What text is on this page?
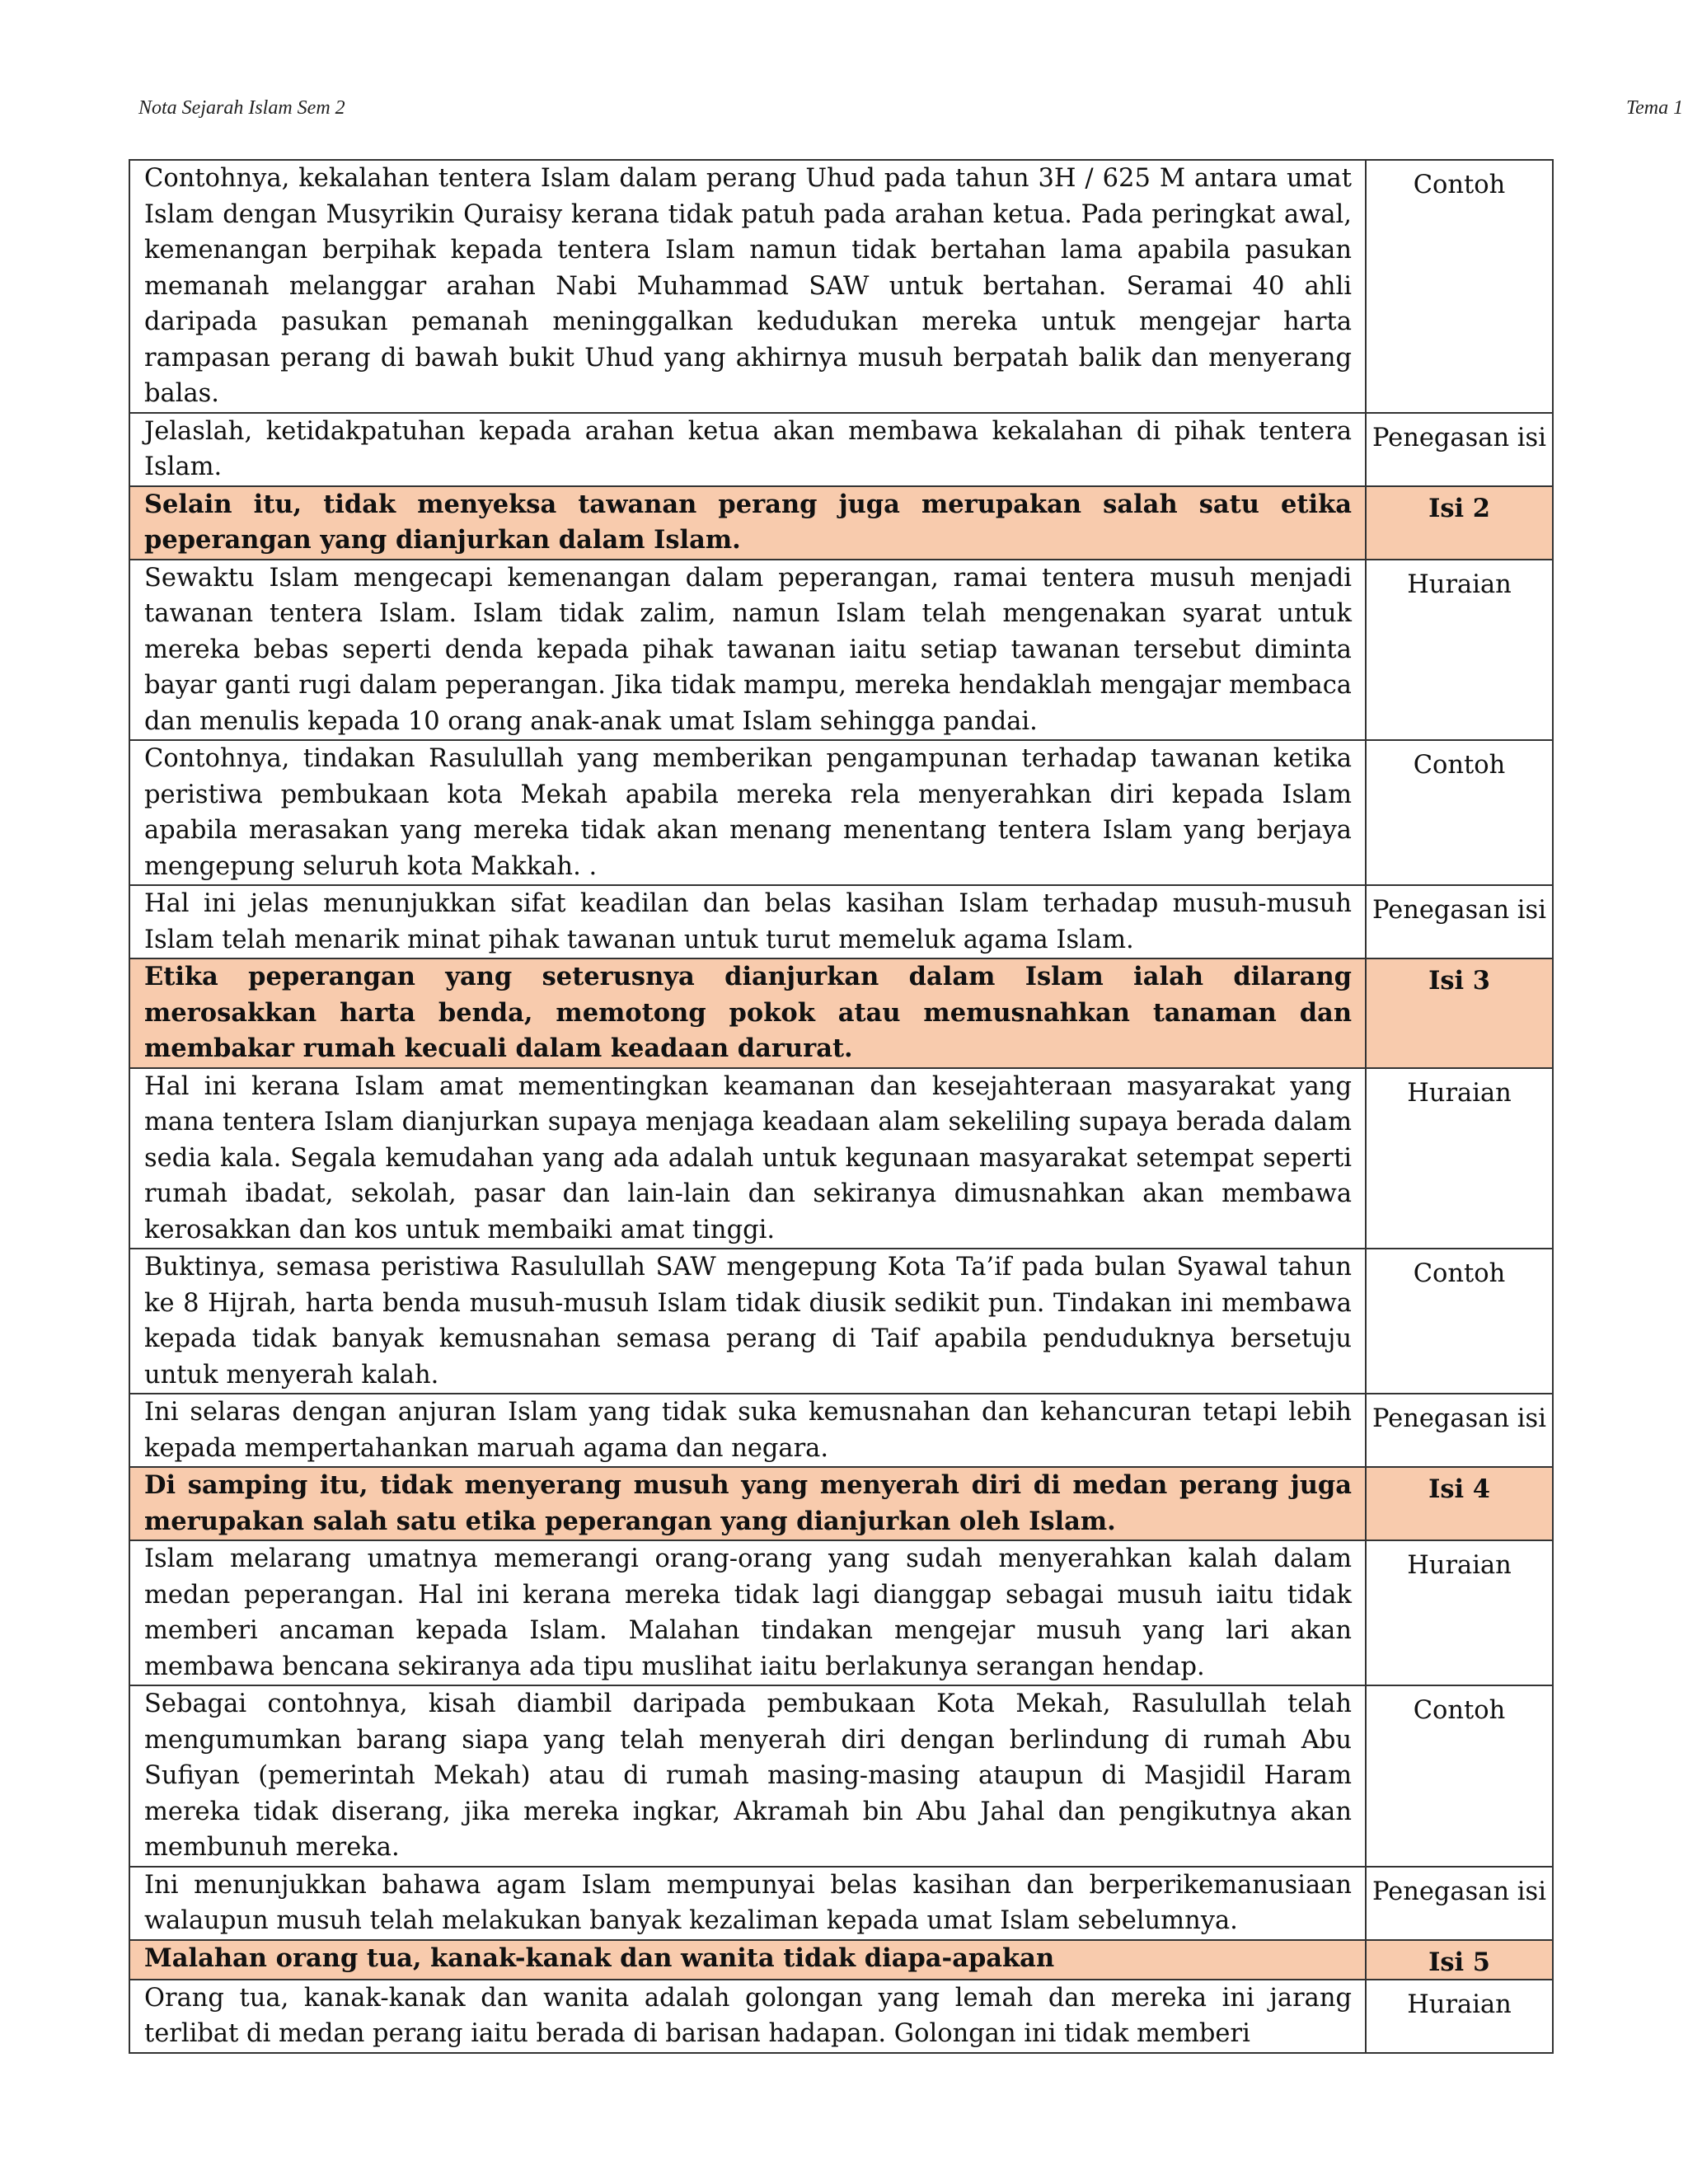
Nota Sejarah Islam Sem 2	Tema 1
Contohnya, kekalahan tentera Islam dalam perang Uhud pada tahun 3H / 625 M antara umat Islam dengan Musyrikin Quraisy kerana tidak patuh pada arahan ketua. Pada peringkat awal, kemenangan berpihak kepada tentera Islam namun tidak bertahan lama apabila pasukan memanah melanggar arahan Nabi Muhammad SAW untuk bertahan. Seramai 40 ahli daripada pasukan pemanah meninggalkan kedudukan mereka untuk mengejar harta rampasan perang di bawah bukit Uhud yang akhirnya musuh berpatah balik dan menyerang balas.	Contoh
Jelaslah, ketidakpatuhan kepada arahan ketua akan membawa kekalahan di pihak tentera Islam.	Penegasan isi
Selain itu, tidak menyeksa tawanan perang juga merupakan salah satu etika peperangan yang dianjurkan dalam Islam.	Isi 2
Sewaktu Islam mengecapi kemenangan dalam peperangan, ramai tentera musuh menjadi tawanan tentera Islam. Islam tidak zalim, namun Islam telah mengenakan syarat untuk mereka bebas seperti denda kepada pihak tawanan iaitu setiap tawanan tersebut diminta bayar ganti rugi dalam peperangan. Jika tidak mampu, mereka hendaklah mengajar membaca dan menulis kepada 10 orang anak-anak umat Islam sehingga pandai.	Huraian
Contohnya, tindakan Rasulullah yang memberikan pengampunan terhadap tawanan ketika peristiwa pembukaan kota Mekah apabila mereka rela menyerahkan diri kepada Islam apabila merasakan yang mereka tidak akan menang menentang tentera Islam yang berjaya mengepung seluruh kota Makkah. .	Contoh
Hal ini jelas menunjukkan sifat keadilan dan belas kasihan Islam terhadap musuh-musuh Islam telah menarik minat pihak tawanan untuk turut memeluk agama Islam.	Penegasan isi
Etika peperangan yang seterusnya dianjurkan dalam Islam ialah dilarang merosakkan harta benda, memotong pokok atau memusnahkan tanaman dan membakar rumah kecuali dalam keadaan darurat.	Isi 3
Hal ini kerana Islam amat mementingkan keamanan dan kesejahteraan masyarakat yang mana tentera Islam dianjurkan supaya menjaga keadaan alam sekeliling supaya berada dalam sedia kala. Segala kemudahan yang ada adalah untuk kegunaan masyarakat setempat seperti rumah ibadat, sekolah, pasar dan lain-lain dan sekiranya dimusnahkan akan membawa kerosakkan dan kos untuk membaiki amat tinggi.	Huraian
Buktinya, semasa peristiwa Rasulullah SAW mengepung Kota Ta’if pada bulan Syawal tahun ke 8 Hijrah, harta benda musuh-musuh Islam tidak diusik sedikit pun. Tindakan ini membawa kepada tidak banyak kemusnahan semasa perang di Taif apabila penduduknya bersetuju untuk menyerah kalah.	Contoh
Ini selaras dengan anjuran Islam yang tidak suka kemusnahan dan kehancuran tetapi lebih kepada mempertahankan maruah agama dan negara.	Penegasan isi
Di samping itu, tidak menyerang musuh yang menyerah diri di medan perang juga merupakan salah satu etika peperangan yang dianjurkan oleh Islam.	Isi 4
Islam melarang umatnya memerangi orang-orang yang sudah menyerahkan kalah dalam medan peperangan. Hal ini kerana mereka tidak lagi dianggap sebagai musuh iaitu tidak memberi ancaman kepada Islam. Malahan tindakan mengejar musuh yang lari akan membawa bencana sekiranya ada tipu muslihat iaitu berlakunya serangan hendap.	Huraian
Sebagai contohnya, kisah diambil daripada pembukaan Kota Mekah, Rasulullah telah mengumumkan barang siapa yang telah menyerah diri dengan berlindung di rumah Abu Sufiyan (pemerintah Mekah) atau di rumah masing-masing ataupun di Masjidil Haram mereka tidak diserang, jika mereka ingkar, Akramah bin Abu Jahal dan pengikutnya akan membunuh mereka.	Contoh
Ini menunjukkan bahawa agam Islam mempunyai belas kasihan dan berperikemanusiaan walaupun musuh telah melakukan banyak kezaliman kepada umat Islam sebelumnya.	Penegasan isi
Malahan orang tua, kanak-kanak dan wanita tidak diapa-apakan	Isi 5
Orang tua, kanak-kanak dan wanita adalah golongan yang lemah dan mereka ini jarang terlibat di medan perang iaitu berada di barisan hadapan. Golongan ini tidak memberi	Huraian
